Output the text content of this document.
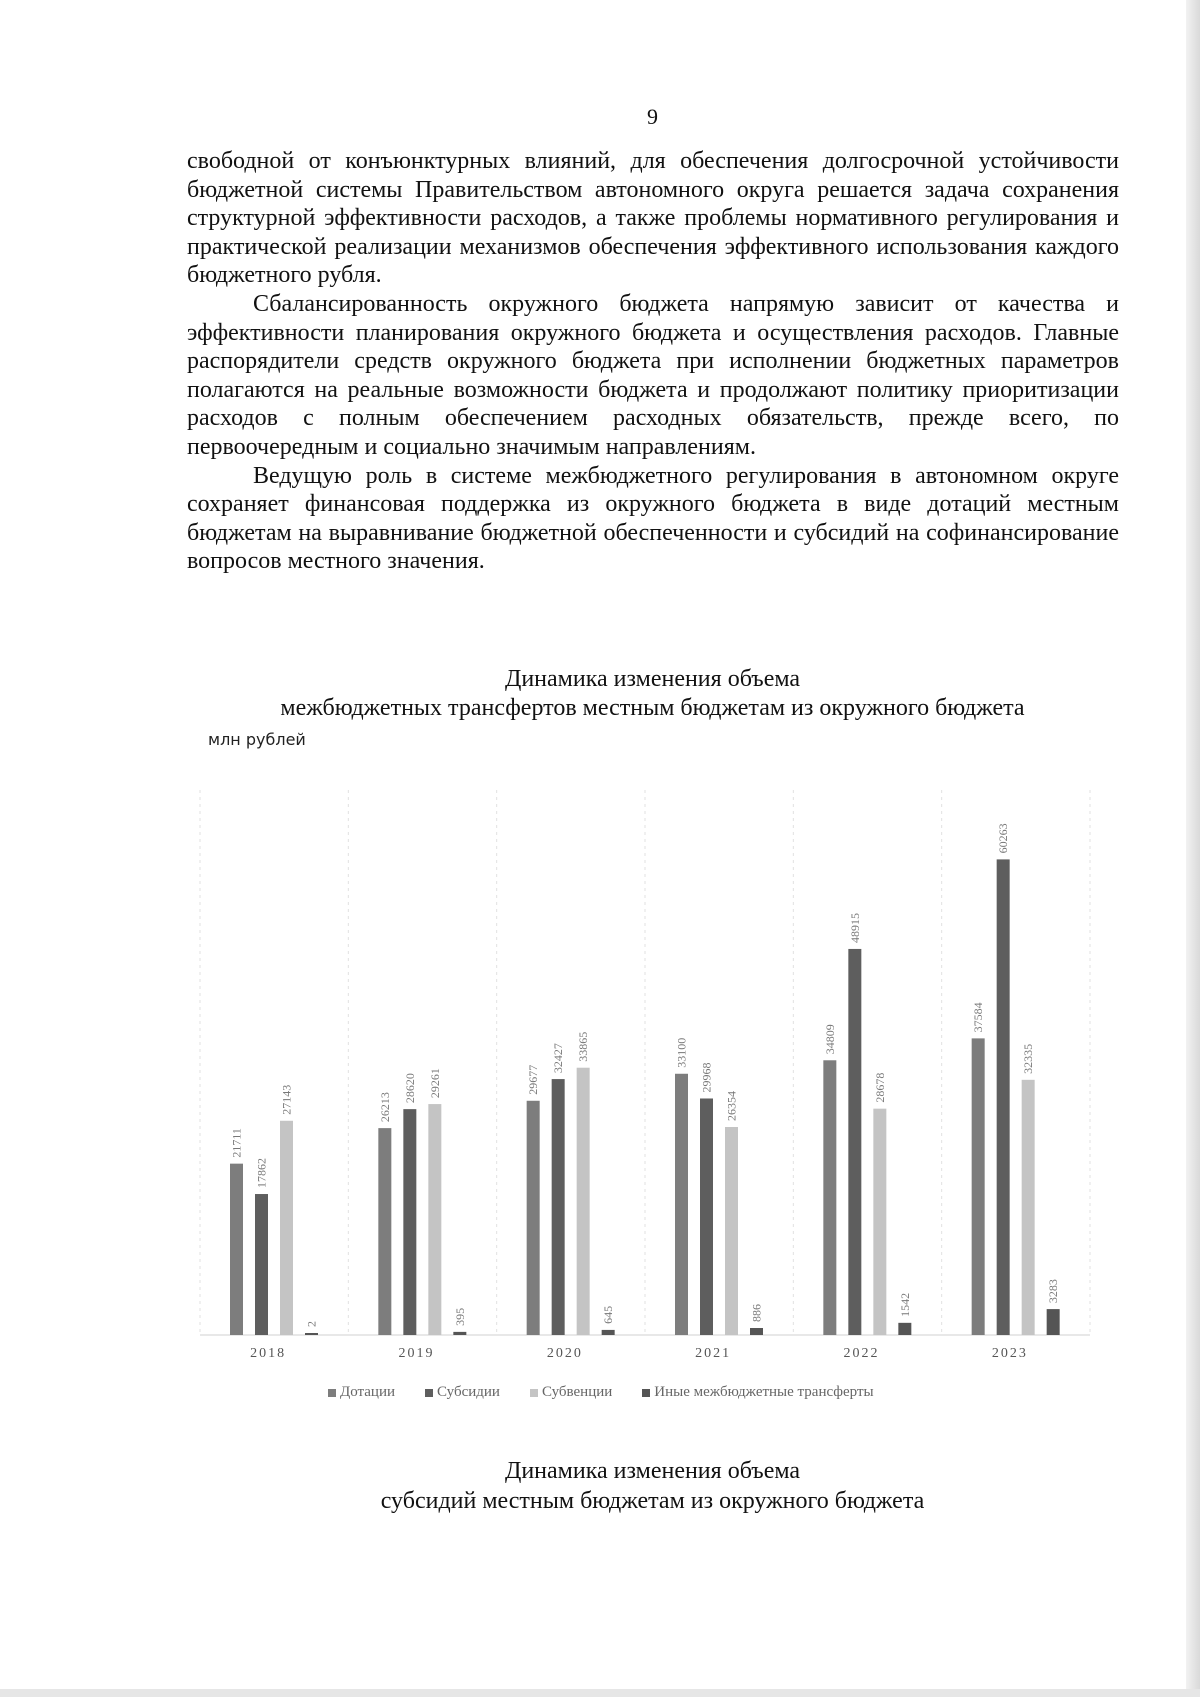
9

свободной от конъюнктурных влияний, для обеспечения долгосрочной устойчивости бюджетной системы Правительством автономного округа решается задача сохранения структурной эффективности расходов, а также проблемы нормативного регулирования и практической реализации механизмов обеспечения эффективного использования каждого бюджетного рубля.

Сбалансированность окружного бюджета напрямую зависит от качества и эффективности планирования окружного бюджета и осуществления расходов. Главные распорядители средств окружного бюджета при исполнении бюджетных параметров полагаются на реальные возможности бюджета и продолжают политику приоритизации расходов с полным обеспечением расходных обязательств, прежде всего, по первоочередным и социально значимым направлениям.

Ведущую роль в системе межбюджетного регулирования в автономном округе сохраняет финансовая поддержка из окружного бюджета в виде дотаций местным бюджетам на выравнивание бюджетной обеспеченности и субсидий на софинансирование вопросов местного значения.

Динамика изменения объема
межбюджетных трансфертов местным бюджетам из окружного бюджета
млн рублей
21711
17862
27143
2
2018
26213
28620 29261
395
2019
29677
32427 33865
645
2020
33100
29968
26354
886
2021
34809
48915
28678
1542
2022
37584
60263
32335
3283
2023
Дотации	Субсидии	Субвенции	Иные межбюджетные трансферты
Динамика изменения объема
субсидий местным бюджетам из окружного бюджета
